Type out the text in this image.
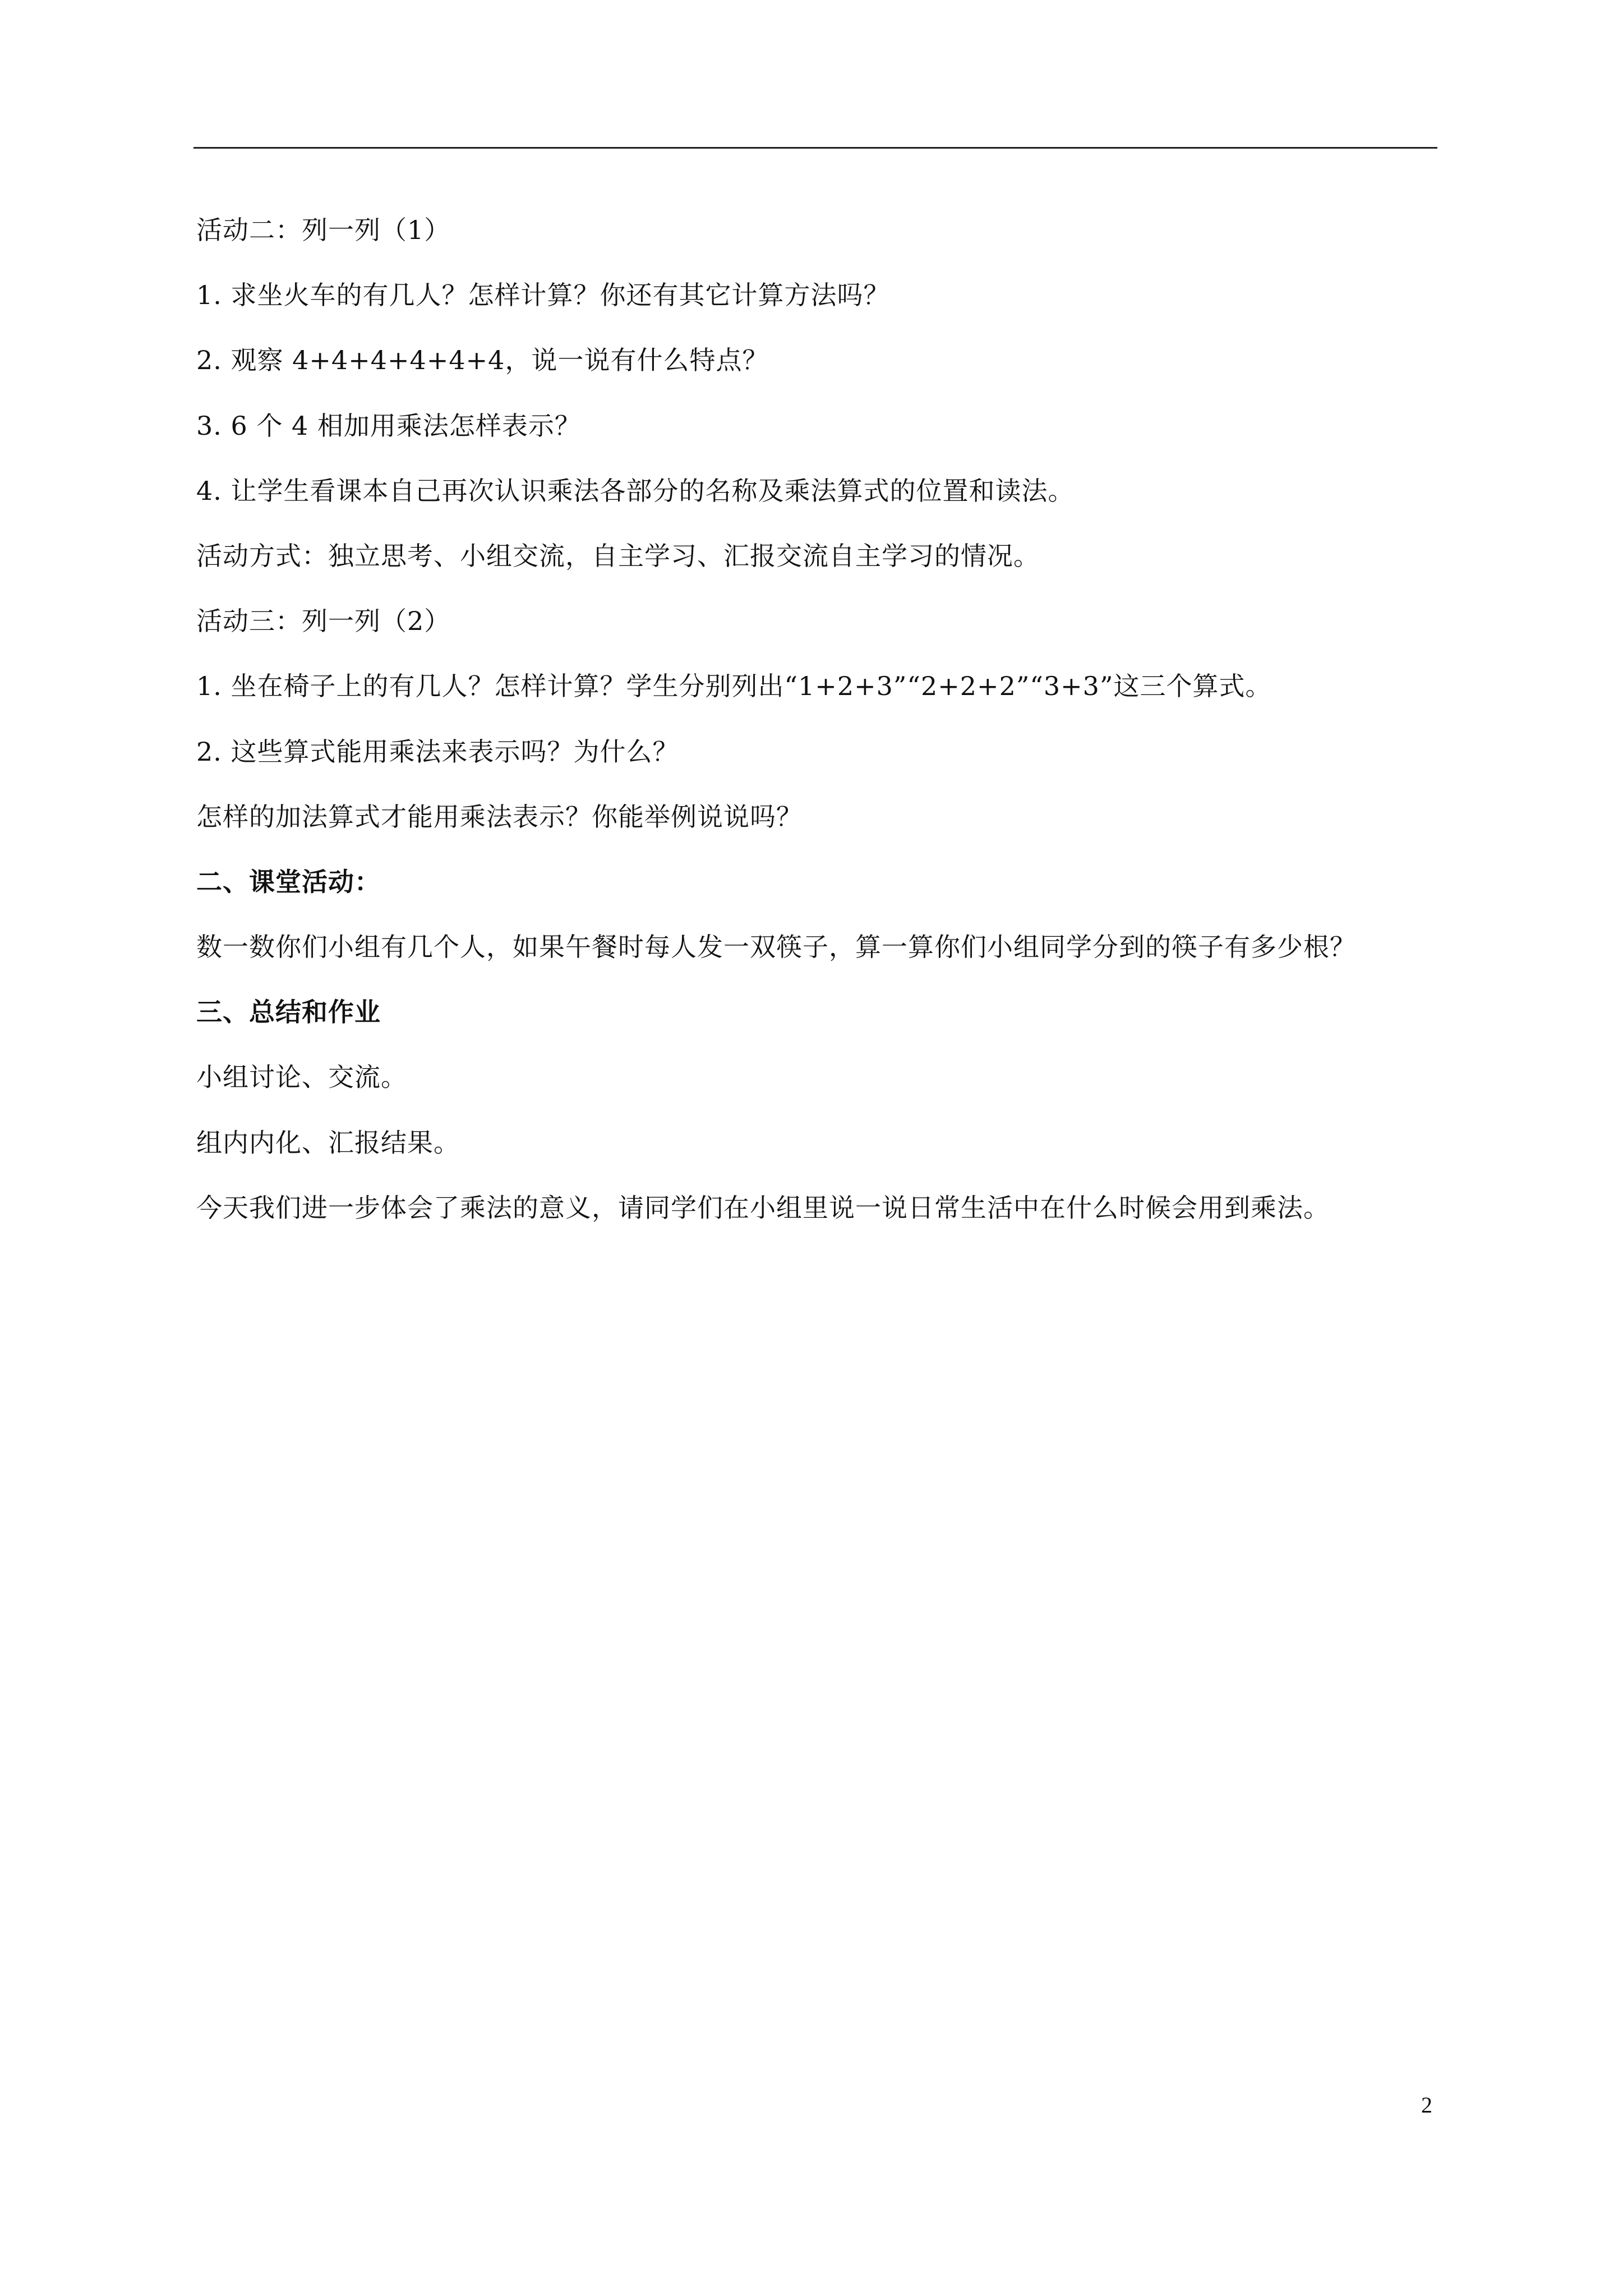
活动二：列一列（1）
1. 求坐火车的有几人？怎样计算？你还有其它计算方法吗？
2. 观察 4+4+4+4+4+4，说一说有什么特点？
3. 6 个 4 相加用乘法怎样表示？
4. 让学生看课本自己再次认识乘法各部分的名称及乘法算式的位置和读法。
活动方式：独立思考、小组交流，自主学习、汇报交流自主学习的情况。
活动三：列一列（2）
1. 坐在椅子上的有几人？怎样计算？学生分别列出“1+2+3”“2+2+2”“3+3”这三个算式。
2. 这些算式能用乘法来表示吗？为什么？
怎样的加法算式才能用乘法表示？你能举例说说吗？
二、课堂活动：
数一数你们小组有几个人，如果午餐时每人发一双筷子，算一算你们小组同学分到的筷子有多少根？
三、总结和作业
小组讨论、交流。
组内内化、汇报结果。
今天我们进一步体会了乘法的意义，请同学们在小组里说一说日常生活中在什么时候会用到乘法。
2
